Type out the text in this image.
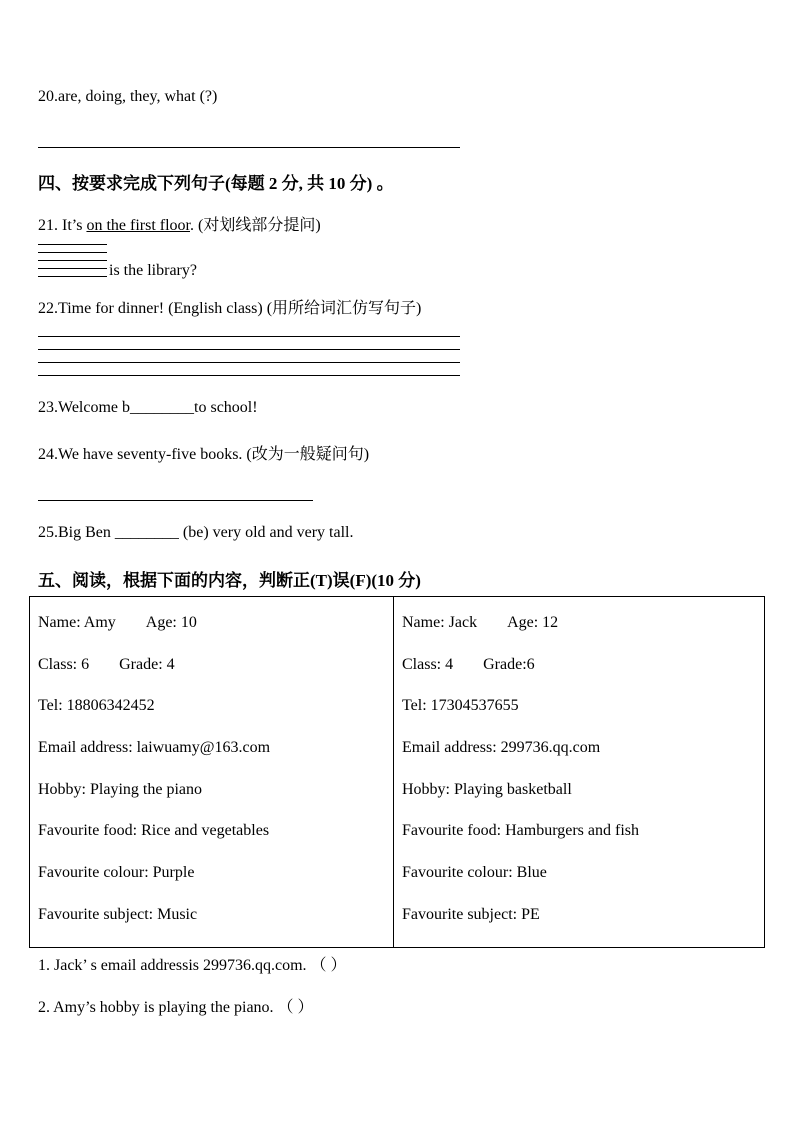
20.are, doing, they, what (?)
四、按要求完成下列句子(每题 2 分, 共 10 分) 。
21. It’s on the first floor. (对划线部分提问)
is the library?
22.Time for dinner! (English class) (用所给词汇仿写句子)
23.Welcome b________to school!
24.We have seventy-five books. (改为一般疑问句)
25.Big Ben ________ (be) very old and very tall.
五、阅读，根据下面的内容，判断正(T)误(F)(10 分)
Name: Amy Age: 10
Class: 6 Grade: 4
Tel: 18806342452
Email address: laiwuamy@163.com
Hobby: Playing the piano
Favourite food: Rice and vegetables
Favourite colour: Purple
Favourite subject: Music

Name: Jack Age: 12
Class: 4 Grade:6
Tel: 17304537655
Email address: 299736.qq.com
Hobby: Playing basketball
Favourite food: Hamburgers and fish
Favourite colour: Blue
Favourite subject: PE
1. Jack’ s email addressis 299736.qq.com. （ ）
2. Amy’s hobby is playing the piano. （ ）
